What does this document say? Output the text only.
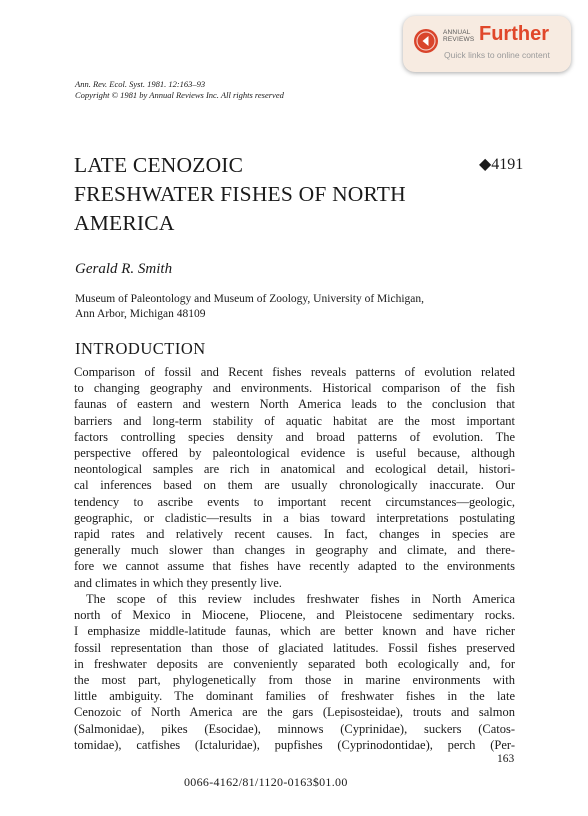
ANNUAL
REVIEWS Further
Quick links to online content
Ann. Rev. Ecol. Syst. 1981. 12:163–93
Copyright © 1981 by Annual Reviews Inc. All rights reserved
LATE CENOZOIC
FRESHWATER FISHES OF NORTH
AMERICA
◆4191
Gerald R. Smith
Museum of Paleontology and Museum of Zoology, University of Michigan,
Ann Arbor, Michigan 48109
INTRODUCTION
Comparison of fossil and Recent fishes reveals patterns of evolution related
to changing geography and environments. Historical comparison of the fish
faunas of eastern and western North America leads to the conclusion that
barriers and long-term stability of aquatic habitat are the most important
factors controlling species density and broad patterns of evolution. The
perspective offered by paleontological evidence is useful because, although
neontological samples are rich in anatomical and ecological detail, histori-
cal inferences based on them are usually chronologically inaccurate. Our
tendency to ascribe events to important recent circumstances—geologic,
geographic, or cladistic—results in a bias toward interpretations postulating
rapid rates and relatively recent causes. In fact, changes in species are
generally much slower than changes in geography and climate, and there-
fore we cannot assume that fishes have recently adapted to the environments
and climates in which they presently live.
The scope of this review includes freshwater fishes in North America
north of Mexico in Miocene, Pliocene, and Pleistocene sedimentary rocks.
I emphasize middle-latitude faunas, which are better known and have richer
fossil representation than those of glaciated latitudes. Fossil fishes preserved
in freshwater deposits are conveniently separated both ecologically and, for
the most part, phylogenetically from those in marine environments with
little ambiguity. The dominant families of freshwater fishes in the late
Cenozoic of North America are the gars (Lepisosteidae), trouts and salmon
(Salmonidae), pikes (Esocidae), minnows (Cyprinidae), suckers (Catos-
tomidae), catfishes (Ictaluridae), pupfishes (Cyprinodontidae), perch (Per-
163
0066-4162/81/1120-0163$01.00
